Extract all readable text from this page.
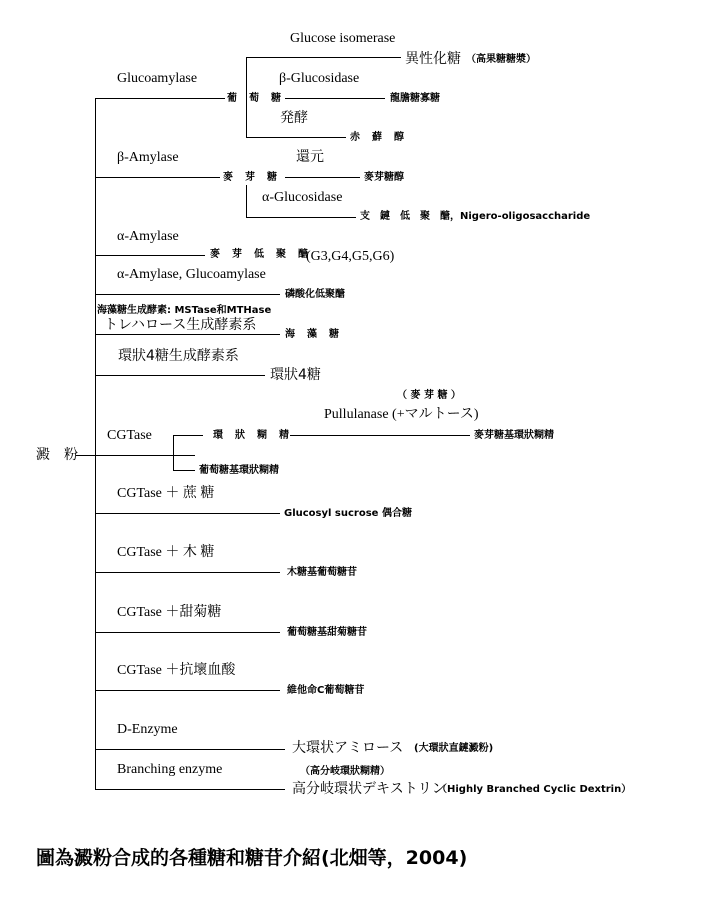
澱　粉
Glucoamylase
葡　萄　糖
Glucose isomerase
異性化糖 （高果糖糖漿）
β-Glucosidase
龍膽糖寡糖
発酵
赤　蘚　醇
β-Amylase
麥　芽　糖
還元
麥芽糖醇
α-Glucosidase
支　鏈　低　聚　醣，Nigero-oligosaccharide
α-Amylase
麥　芽　低　聚　醣
(G3,G4,G5,G6)
α-Amylase, Glucoamylase
磷酸化低聚醣
海藻糖生成酵素: MSTase和MTHase
トレハロース生成酵素系
海　藻　糖
環狀4糖生成酵素系
環狀4糖
CGTase	環　狀　糊　精
（ 麥 芽 糖 ）
Pullulanase (+マルトース)
麥芽糖基環狀糊精
葡萄糖基環狀糊精
CGTase ＋ 蔗 糖
Glucosyl sucrose 偶合糖
CGTase ＋ 木 糖
木糖基葡萄糖苷
CGTase ＋甜菊糖
葡萄糖基甜菊糖苷
CGTase ＋抗壞血酸
維他命C葡萄糖苷
D-Enzyme
大環状アミロース (大環狀直鏈澱粉)
Branching enzyme	（高分岐環狀糊精）
高分岐環状デキストリン
（Highly Branched Cyclic Dextrin）
圖為澱粉合成的各種糖和糖苷介紹(北畑等，2004)
